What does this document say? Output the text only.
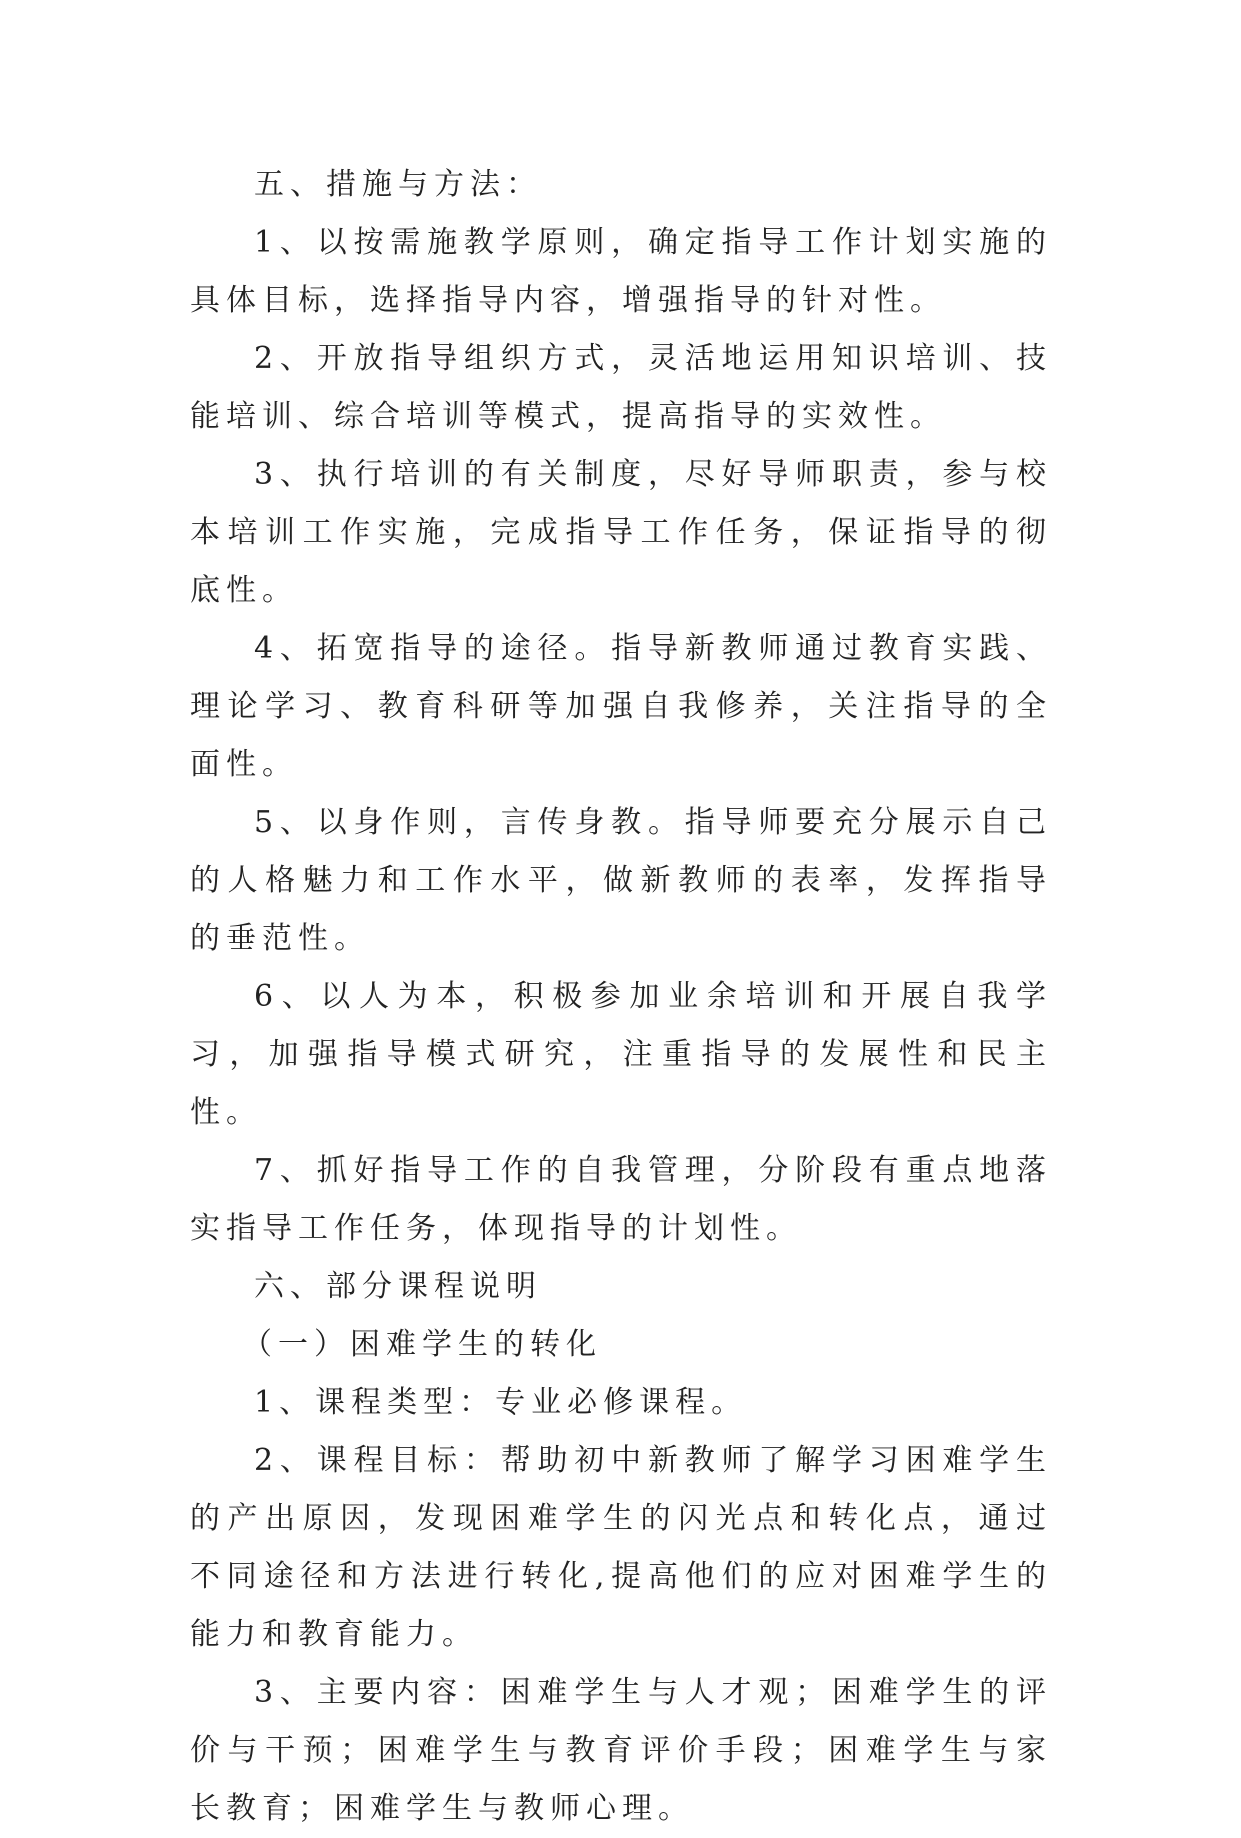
五、措施与方法：

1、以按需施教学原则，确定指导工作计划实施的具体目标，选择指导内容，增强指导的针对性。

2、开放指导组织方式，灵活地运用知识培训、技能培训、综合培训等模式，提高指导的实效性。

3、执行培训的有关制度，尽好导师职责，参与校本培训工作实施，完成指导工作任务，保证指导的彻底性。

4、拓宽指导的途径。指导新教师通过教育实践、理论学习、教育科研等加强自我修养，关注指导的全面性。

5、以身作则，言传身教。指导师要充分展示自己的人格魅力和工作水平，做新教师的表率，发挥指导的垂范性。

6、以人为本，积极参加业余培训和开展自我学习，加强指导模式研究，注重指导的发展性和民主性。

7、抓好指导工作的自我管理，分阶段有重点地落实指导工作任务，体现指导的计划性。

六、部分课程说明

（一）困难学生的转化

1、课程类型：专业必修课程。

2、课程目标：帮助初中新教师了解学习困难学生的产出原因，发现困难学生的闪光点和转化点，通过不同途径和方法进行转化,提高他们的应对困难学生的能力和教育能力。

3、主要内容：困难学生与人才观；困难学生的评价与干预；困难学生与教育评价手段；困难学生与家长教育；困难学生与教师心理。
